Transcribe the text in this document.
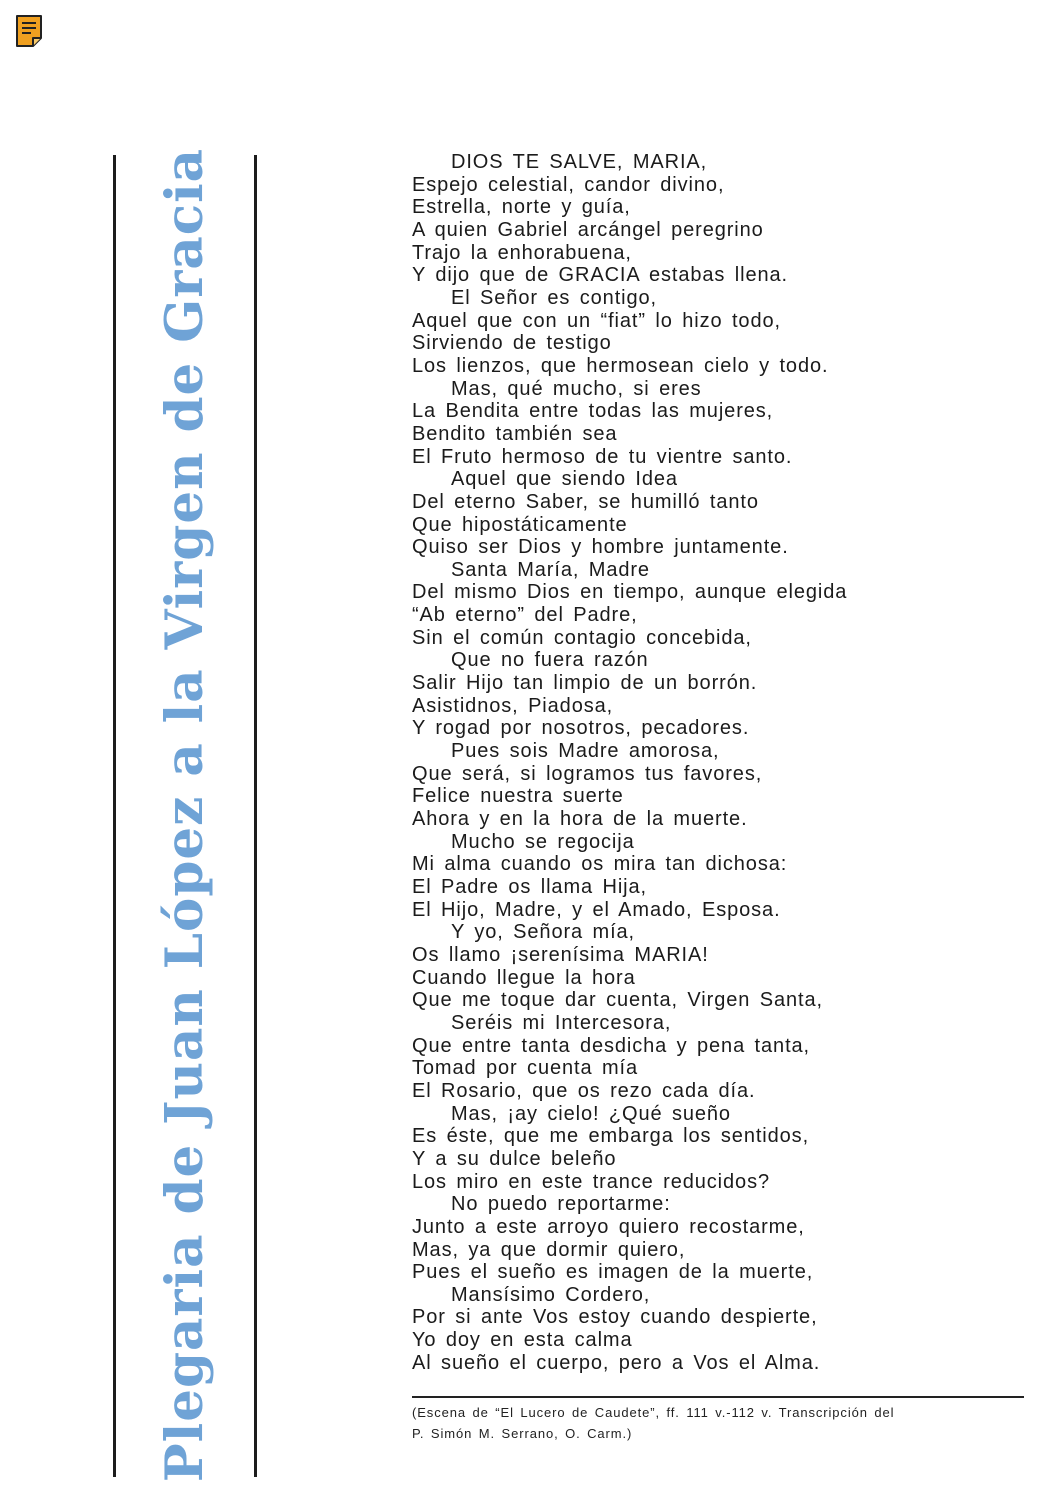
Plegaria de Juan López a la Virgen de Gracia	DIOS TE SALVE, MARIA,
Espejo celestial, candor divino,
Estrella, norte y guía,
A quien Gabriel arcángel peregrino
Trajo la enhorabuena,
Y dijo que de GRACIA estabas llena.
El Señor es contigo,
Aquel que con un “fiat” lo hizo todo,
Sirviendo de testigo
Los lienzos, que hermosean cielo y todo.
Mas, qué mucho, si eres
La Bendita entre todas las mujeres,
Bendito también sea
El Fruto hermoso de tu vientre santo.
Aquel que siendo Idea
Del eterno Saber, se humilló tanto
Que hipostáticamente
Quiso ser Dios y hombre juntamente.
Santa María, Madre
Del mismo Dios en tiempo, aunque elegida
“Ab eterno” del Padre,
Sin el común contagio concebida,
Que no fuera razón
Salir Hijo tan limpio de un borrón.
Asistidnos, Piadosa,
Y rogad por nosotros, pecadores.
Pues sois Madre amorosa,
Que será, si logramos tus favores,
Felice nuestra suerte
Ahora y en la hora de la muerte.
Mucho se regocija
Mi alma cuando os mira tan dichosa:
El Padre os llama Hija,
El Hijo, Madre, y el Amado, Esposa.
Y yo, Señora mía,
Os llamo ¡serenísima MARIA!
Cuando llegue la hora
Que me toque dar cuenta, Virgen Santa,
Seréis mi Intercesora,
Que entre tanta desdicha y pena tanta,
Tomad por cuenta mía
El Rosario, que os rezo cada día.
Mas, ¡ay cielo! ¿Qué sueño
Es éste, que me embarga los sentidos,
Y a su dulce beleño
Los miro en este trance reducidos?
No puedo reportarme:
Junto a este arroyo quiero recostarme,
Mas, ya que dormir quiero,
Pues el sueño es imagen de la muerte,
Mansísimo Cordero,
Por si ante Vos estoy cuando despierte,
Yo doy en esta calma
Al sueño el cuerpo, pero a Vos el Alma.
(Escena de “El Lucero de Caudete”, ff. 111 v.-112 v. Transcripción del
P. Simón M. Serrano, O. Carm.)
